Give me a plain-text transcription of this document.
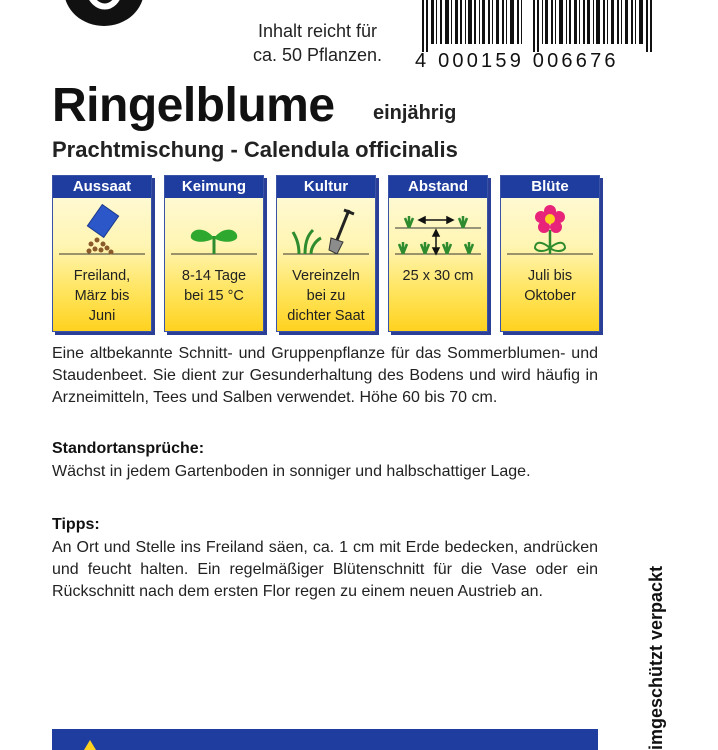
Inhalt reicht für
ca. 50 Pflanzen.	4 000159 006676
Ringelblume einjährig
Prachtmischung - Calendula officinalis
Aussaat
Freiland,
März bis
Juni
Keimung
8-14 Tage
bei 15 °C
Kultur
Vereinzeln
bei zu
dichter Saat
Abstand
25 x 30 cm
Blüte
Juli bis
Oktober
Eine altbekannte Schnitt- und Gruppenpflanze für das Sommerblumen- und Staudenbeet. Sie dient zur Gesunderhaltung des Bodens und wird häufig in Arzneimitteln, Tees und Salben verwendet. Höhe 60 bis 70 cm.
Standortansprüche:
Wächst in jedem Gartenboden in sonniger und halbschattiger Lage.
Tipps:
An Ort und Stelle ins Freiland säen, ca. 1 cm mit Erde bedecken, andrücken und feucht halten. Ein regelmäßiger Blütenschnitt für die Vase oder ein Rückschnitt nach dem ersten Flor regen zu einem neuen Austrieb an.	imgeschützt verpackt
